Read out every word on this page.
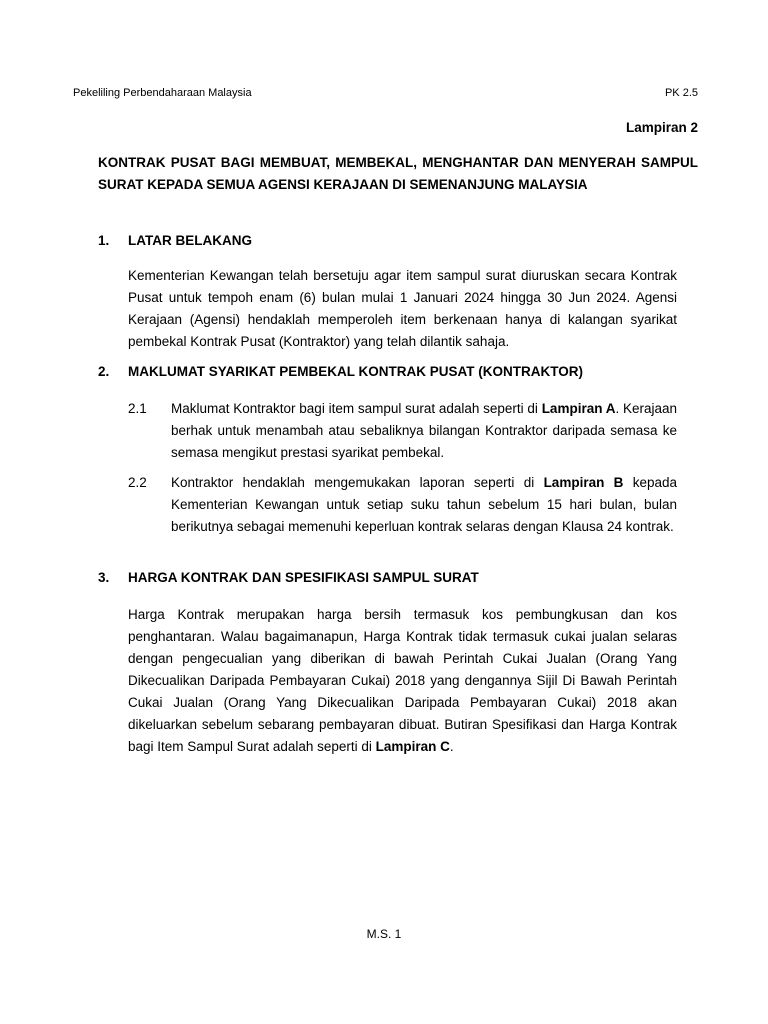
Pekeliling Perbendaharaan Malaysia	PK 2.5
Lampiran 2
KONTRAK PUSAT BAGI MEMBUAT, MEMBEKAL, MENGHANTAR DAN MENYERAH SAMPUL SURAT KEPADA SEMUA AGENSI KERAJAAN DI SEMENANJUNG MALAYSIA
1. LATAR BELAKANG
Kementerian Kewangan telah bersetuju agar item sampul surat diuruskan secara Kontrak Pusat untuk tempoh enam (6) bulan mulai 1 Januari 2024 hingga 30 Jun 2024. Agensi Kerajaan (Agensi) hendaklah memperoleh item berkenaan hanya di kalangan syarikat pembekal Kontrak Pusat (Kontraktor) yang telah dilantik sahaja.
2. MAKLUMAT SYARIKAT PEMBEKAL KONTRAK PUSAT (KONTRAKTOR)
2.1 Maklumat Kontraktor bagi item sampul surat adalah seperti di Lampiran A. Kerajaan berhak untuk menambah atau sebaliknya bilangan Kontraktor daripada semasa ke semasa mengikut prestasi syarikat pembekal.
2.2 Kontraktor hendaklah mengemukakan laporan seperti di Lampiran B kepada Kementerian Kewangan untuk setiap suku tahun sebelum 15 hari bulan, bulan berikutnya sebagai memenuhi keperluan kontrak selaras dengan Klausa 24 kontrak.
3. HARGA KONTRAK DAN SPESIFIKASI SAMPUL SURAT
Harga Kontrak merupakan harga bersih termasuk kos pembungkusan dan kos penghantaran. Walau bagaimanapun, Harga Kontrak tidak termasuk cukai jualan selaras dengan pengecualian yang diberikan di bawah Perintah Cukai Jualan (Orang Yang Dikecualikan Daripada Pembayaran Cukai) 2018 yang dengannya Sijil Di Bawah Perintah Cukai Jualan (Orang Yang Dikecualikan Daripada Pembayaran Cukai) 2018 akan dikeluarkan sebelum sebarang pembayaran dibuat. Butiran Spesifikasi dan Harga Kontrak bagi Item Sampul Surat adalah seperti di Lampiran C.
M.S. 1
